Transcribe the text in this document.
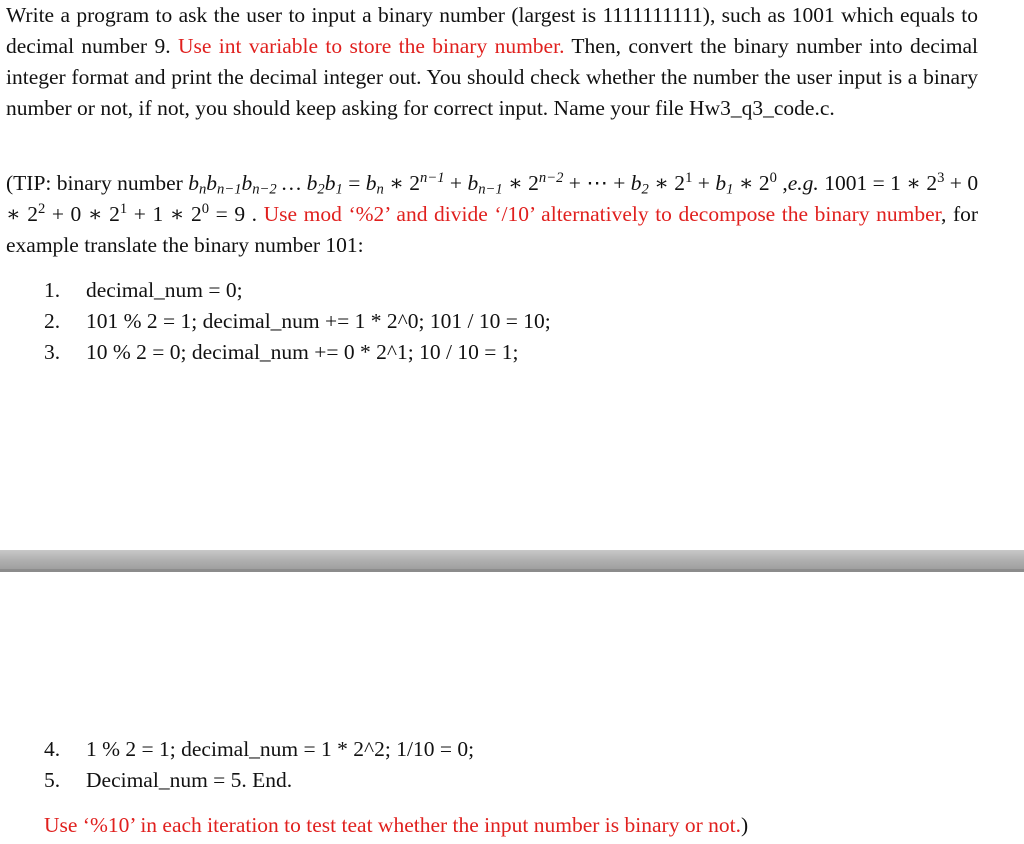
Write a program to ask the user to input a binary number (largest is 1111111111), such as 1001 which equals to decimal number 9. Use int variable to store the binary number. Then, convert the binary number into decimal integer format and print the decimal integer out. You should check whether the number the user input is a binary number or not, if not, you should keep asking for correct input. Name your file Hw3_q3_code.c.

(TIP: binary number $b_nb_{n-1}b_{n-2}$ … $b_2b_1 = b_n$ ∗ $2^{n-1} + b_{n-1}$ ∗ $2^{n-2}$ + ⋯ + $b_2$ ∗ $2^1 + b_1$ ∗ $2^0$ ,e.g. 1001 = 1 ∗ $2^3 + 0$ ∗ $2^2 + 0$ ∗ $2^1 + 1$ ∗ $2^0 = 9$ . Use mod ‘%2’ and divide ‘/10’ alternatively to decompose the binary number, for example translate the binary number 101:

1.	decimal_num = 0;
2.	101 % 2 = 1; decimal_num += 1 * 2^0; 101 / 10 = 10;
3.	10 % 2 = 0; decimal_num += 0 * 2^1; 10 / 10 = 1;
4.	1 % 2 = 1; decimal_num = 1 * 2^2; 1/10 = 0;
5.	Decimal_num = 5. End.

Use ‘%10’ in each iteration to test teat whether the input number is binary or not.)
